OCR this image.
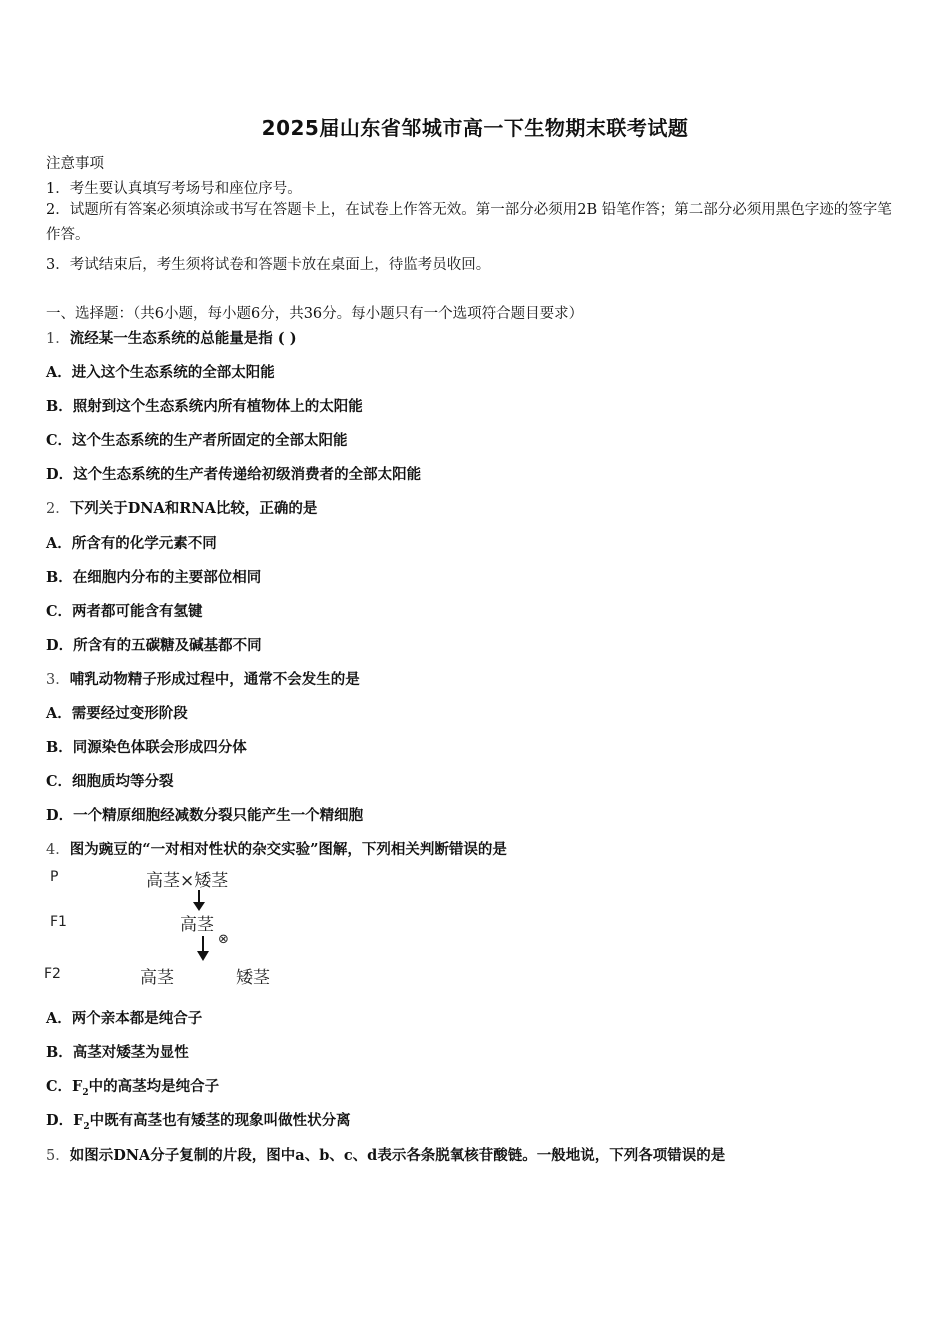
2025届山东省邹城市高一下生物期末联考试题
注意事项
1．考生要认真填写考场号和座位序号。
2．试题所有答案必须填涂或书写在答题卡上，在试卷上作答无效。第一部分必须用2B 铅笔作答；第二部分必须用黑色字迹的签字笔作答。
3．考试结束后，考生须将试卷和答题卡放在桌面上，待监考员收回。
一、选择题：（共6小题，每小题6分，共36分。每小题只有一个选项符合题目要求）
1．流经某一生态系统的总能量是指 ( )
A．进入这个生态系统的全部太阳能
B．照射到这个生态系统内所有植物体上的太阳能
C．这个生态系统的生产者所固定的全部太阳能
D．这个生态系统的生产者传递给初级消费者的全部太阳能
2．下列关于DNA和RNA比较，正确的是
A．所含有的化学元素不同
B．在细胞内分布的主要部位相同
C．两者都可能含有氢键
D．所含有的五碳糖及碱基都不同
3．哺乳动物精子形成过程中，通常不会发生的是
A．需要经过变形阶段
B．同源染色体联会形成四分体
C．细胞质均等分裂
D．一个精原细胞经减数分裂只能产生一个精细胞
4．图为豌豆的“一对相对性状的杂交实验”图解，下列相关判断错误的是
P	高茎×矮茎
F1	高茎
⊗
F2	高茎	矮茎
A．两个亲本都是纯合子
B．高茎对矮茎为显性
C．$F_2$中的高茎均是纯合子
D．$F_2$中既有高茎也有矮茎的现象叫做性状分离
5．如图示DNA分子复制的片段，图中a、b、c、d表示各条脱氧核苷酸链。一般地说，下列各项错误的是
